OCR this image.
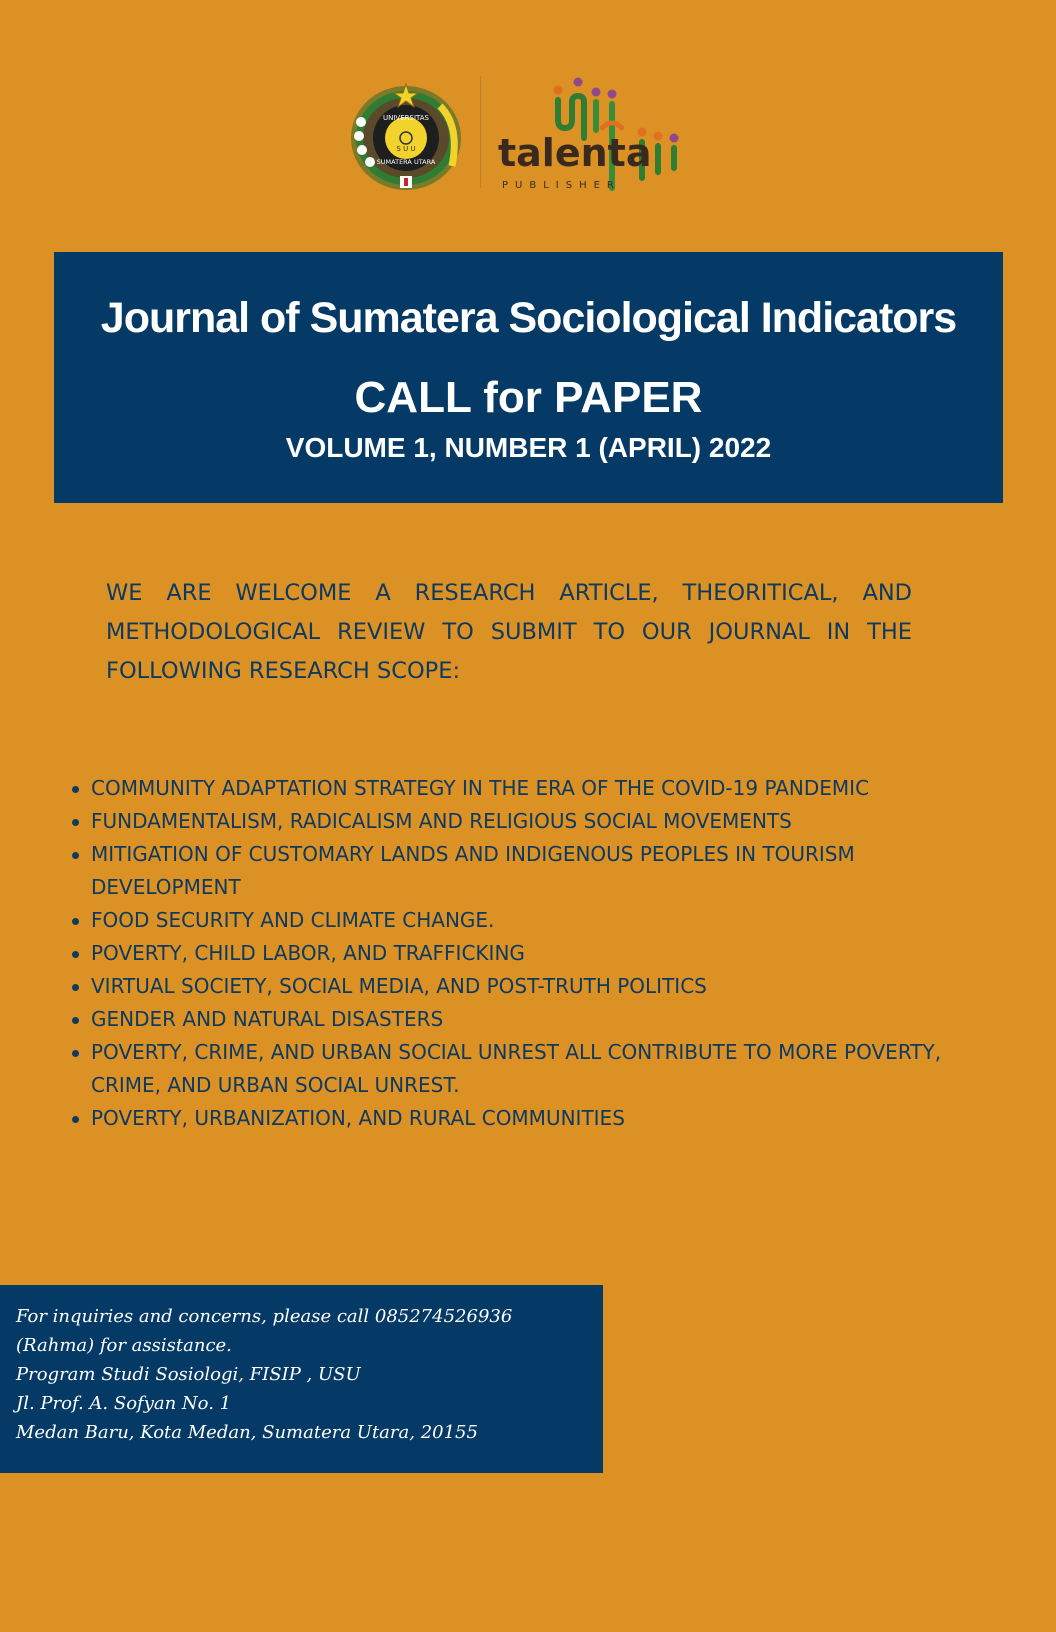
UNIVERSITAS
SUMATERA UTARA
S U U talenta
PUBLISHER
Journal of Sumatera Sociological Indicators
CALL for PAPER
VOLUME 1, NUMBER 1 (APRIL) 2022

WE ARE WELCOME A RESEARCH ARTICLE, THEORITICAL, AND METHODOLOGICAL REVIEW TO SUBMIT TO OUR JOURNAL IN THE FOLLOWING RESEARCH SCOPE:

COMMUNITY ADAPTATION STRATEGY IN THE ERA OF THE COVID-19 PANDEMIC
FUNDAMENTALISM, RADICALISM AND RELIGIOUS SOCIAL MOVEMENTS
MITIGATION OF CUSTOMARY LANDS AND INDIGENOUS PEOPLES IN TOURISM DEVELOPMENT
FOOD SECURITY AND CLIMATE CHANGE.
POVERTY, CHILD LABOR, AND TRAFFICKING
VIRTUAL SOCIETY, SOCIAL MEDIA, AND POST-TRUTH POLITICS
GENDER AND NATURAL DISASTERS
POVERTY, CRIME, AND URBAN SOCIAL UNREST ALL CONTRIBUTE TO MORE POVERTY, CRIME, AND URBAN SOCIAL UNREST.
POVERTY, URBANIZATION, AND RURAL COMMUNITIES

For inquiries and concerns, please call 085274526936 (Rahma) for assistance.
Program Studi Sosiologi, FISIP , USU
Jl. Prof. A. Sofyan No. 1
Medan Baru, Kota Medan, Sumatera Utara, 20155
